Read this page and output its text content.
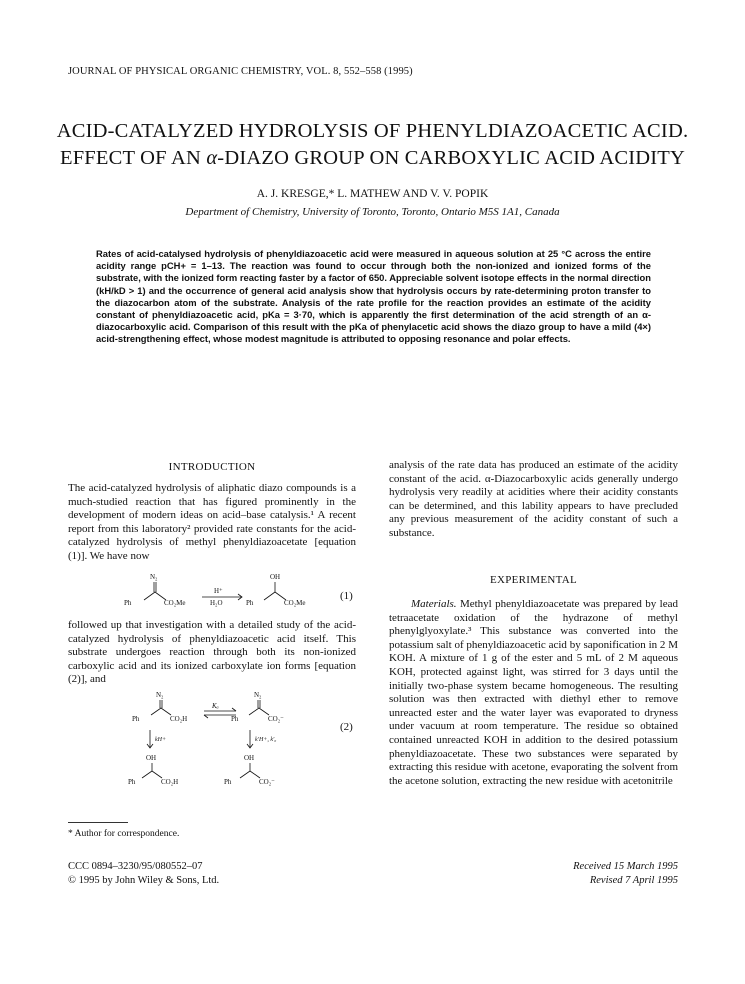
JOURNAL OF PHYSICAL ORGANIC CHEMISTRY, VOL. 8, 552–558 (1995)
ACID-CATALYZED HYDROLYSIS OF PHENYLDIAZOACETIC ACID.
EFFECT OF AN α-DIAZO GROUP ON CARBOXYLIC ACID ACIDITY
A. J. KRESGE,* L. MATHEW AND V. V. POPIK
Department of Chemistry, University of Toronto, Toronto, Ontario M5S 1A1, Canada
Rates of acid-catalysed hydrolysis of phenyldiazoacetic acid were measured in aqueous solution at 25 °C across the entire acidity range pCH+ = 1–13. The reaction was found to occur through both the non-ionized and ionized forms of the substrate, with the ionized form reacting faster by a factor of 650. Appreciable solvent isotope effects in the normal direction (kH/kD > 1) and the occurrence of general acid analysis show that hydrolysis occurs by rate-determining proton transfer to the diazocarbon atom of the substrate. Analysis of the rate profile for the reaction provides an estimate of the acidity constant of phenyldiazoacetic acid, pKa = 3·70, which is apparently the first determination of the acid strength of an α-diazocarboxylic acid. Comparison of this result with the pKa of phenylacetic acid shows the diazo group to have a mild (4×) acid-strengthening effect, whose modest magnitude is attributed to opposing resonance and polar effects.
INTRODUCTION

The acid-catalyzed hydrolysis of aliphatic diazo compounds is a much-studied reaction that has figured prominently in the development of modern ideas on acid–base catalysis.¹ A recent report from this laboratory² provided rate constants for the acid-catalyzed hydrolysis of methyl phenyldiazoacetate [equation (1)]. We have now

N₂
Ph	CO₂Me
H⁺
H₂O
OH
Ph	CO₂Me
(1)

followed up that investigation with a detailed study of the acid-catalyzed hydrolysis of phenyldiazoacetic acid itself. This substrate undergoes reaction through both its non-ionized carboxylic acid and its ionized carboxylate ion forms [equation (2)], and

N₂
Ph	CO₂H
Kₐ
N₂
Ph	CO₂⁻
kH+	k'H+, k'₀
OH
Ph	CO₂H
OH
Ph	CO₂⁻
(2)
* Author for correspondence.

analysis of the rate data has produced an estimate of the acidity constant of the acid. α-Diazocarboxylic acids generally undergo hydrolysis very readily at acidities where their acidity constants can be determined, and this lability appears to have precluded any previous measurement of the acidity constant of such a substance.

EXPERIMENTAL

Materials. Methyl phenyldiazoacetate was prepared by lead tetraacetate oxidation of the hydrazone of methyl phenylglyoxylate.³ This substance was converted into the potassium salt of phenyldiazoacetic acid by saponification in 2 M KOH. A mixture of 1 g of the ester and 5 mL of 2 M aqueous KOH, protected against light, was stirred for 3 days until the initially two-phase system became homogeneous. The resulting solution was then extracted with diethyl ether to remove unreacted ester and the water layer was evaporated to dryness under vacuum at room temperature. The residue so obtained contained unreacted KOH in addition to the desired potassium phenyldiazoacetate. These two substances were separated by extracting this residue with acetone, evaporating the solvent from the acetone solution, extracting the new residue with acetonitrile

CCC 0894–3230/95/080552–07
© 1995 by John Wiley & Sons, Ltd.
Received 15 March 1995
Revised 7 April 1995
